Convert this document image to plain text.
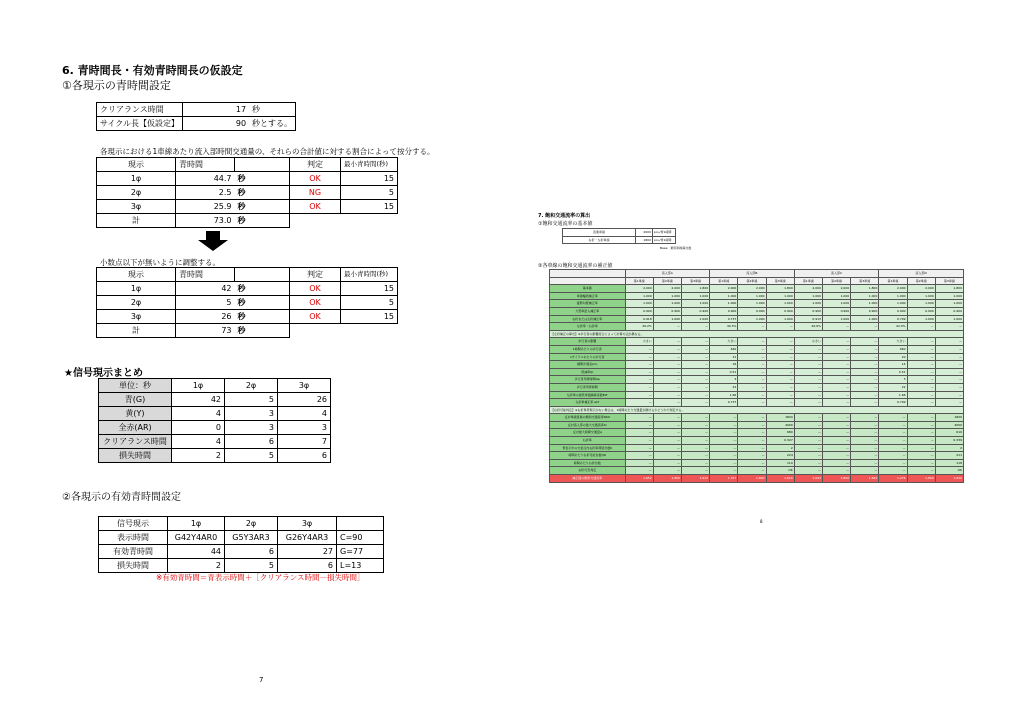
6. 青時間長・有効青時間長の仮設定
①各現示の青時間設定
クリアランス時間	17	秒
サイクル長【仮設定】	90	秒とする。
各現示における1車線あたり流入部時間交通量の、それらの合計値に対する割合によって按分する。
現示	青時間		判定	最小青時間(秒)
1φ	44.7	秒	OK	15
2φ	2.5	秒	NG	5
3φ	25.9	秒	OK	15
計	73.0	秒		
小数点以下が無いように調整する。
現示	青時間		判定	最小青時間(秒)
1φ	42	秒	OK	15
2φ	5	秒	OK	5
3φ	26	秒	OK	15
計	73	秒		
★信号現示まとめ
単位：秒	1φ	2φ	3φ
青(G)	42	5	26
黄(Y)	4	3	4
全赤(AR)	0	3	3
クリアランス時間	4	6	7
損失時間	2	5	6
②各現示の有効青時間設定
信号現示	1φ	2φ	3φ	
表示時間	G42Y4AR0	G5Y3AR3	G26Y4AR3	C=90
有効青時間	44	6	27	G=77
損失時間	2	5	6	L=13
※有効青時間＝青表示時間＋［クリアランス時間－損失時間］
7
7. 飽和交通流率の算出
①飽和交通流率の基本値
直進車線	2000	pcu/青1時間
右折・左折車線	1800	pcu/青1時間
Base：乗用車換算台数
②各車線の飽和交通流率の補正値
	流入部A			流入部B			流入部C			流入部D		
	第1車線	第2車線	第3車線	第1車線	第2車線	第3車線	第1車線	第2車線	第3車線	第1車線	第2車線	第3車線
基本値	2,000	2,000	1,800	2,000	2,000	1,800	2,000	2,000	1,800	2,000	2,000	1,800
車線幅員補正率	1.000	1.000	1.000	1.000	1.000	1.000	1.000	1.000	1.000	1.000	1.000	1.000
縦断勾配補正率	1.000	1.000	1.000	1.000	1.000	1.000	1.000	1.000	1.000	1.000	1.000	1.000
大型車混入補正率	0.900	0.900	0.900	0.900	0.900	0.900	0.900	0.900	0.900	0.900	0.900	0.900
右折または左折補正率	0.918	1.000	1.000	0.737	1.000	1.000	0.913	1.000	1.000	0.709	1.000	1.000
左折率・右折率	26.2%	—	—	40.3%	—	—	26.6%	—	—	42.0%	—	—
【左折補正の算出】※歩行者の影響度合によって計算方法が異なる。												
歩行者の影響	小さい	—	—	大きい	—	—	小さい	—	—	大きい	—	—
1時間あたりの歩行者	—	—	—	640	—	—	—	—	—	660	—	—
1サイクルあたりの歩行者	—	—	—	31	—	—	—	—	—	20	—	—
横断歩道長(m)	—	—	—	16	—	—	—	—	—	14	—	—
低減率fp	—	—	—	0.51	—	—	—	—	—	0.51	—	—
歩行者用青時間Gp	—	—	—	3	—	—	—	—	—	3	—	—
歩行者用青時間	—	—	—	22	—	—	—	—	—	22	—	—
左折車の最低車頭換算係数ELT	—	—	—	1.66	—	—	—	—	—	1.66	—	—
左折車補正率 aLT	—	—	—	0.737	—	—	—	—	—	0.709	—	—
【右折可能判定】※右折専用現示がない場合は、1時間あたり交通量が捌けるかどうかで判定する。												
反対車線直進の飽和交通流率SRO	—	—	—	—	—	1820	—	—	—	—	—	1820
反対流入部の最大交通流率Sr	—	—	—	—	—	4000	—	—	—	—	—	4000
反対最大時間交通量q	—	—	—	—	—	680	—	—	—	—	—	610
右折率	—	—	—	—	—	0.327	—	—	—	—	—	0.339
青表示中の交差点内右折車滞留台数K	—	—	—	—	—	2	—	—	—	—	—	2
時間あたり右折可能台数QR	—	—	—	—	—	224	—	—	—	—	—	211
時間あたり右折台数	—	—	—	—	—	110	—	—	—	—	—	118
右折可否判定	—	—	—	—	—	OK	—	—	—	—	—	OK
補正後の飽和交通流率	1,652	1,800	1,620	1,327	1,800	1,620	1,643	1,800	1,620	1,276	1,800	1,620
8
